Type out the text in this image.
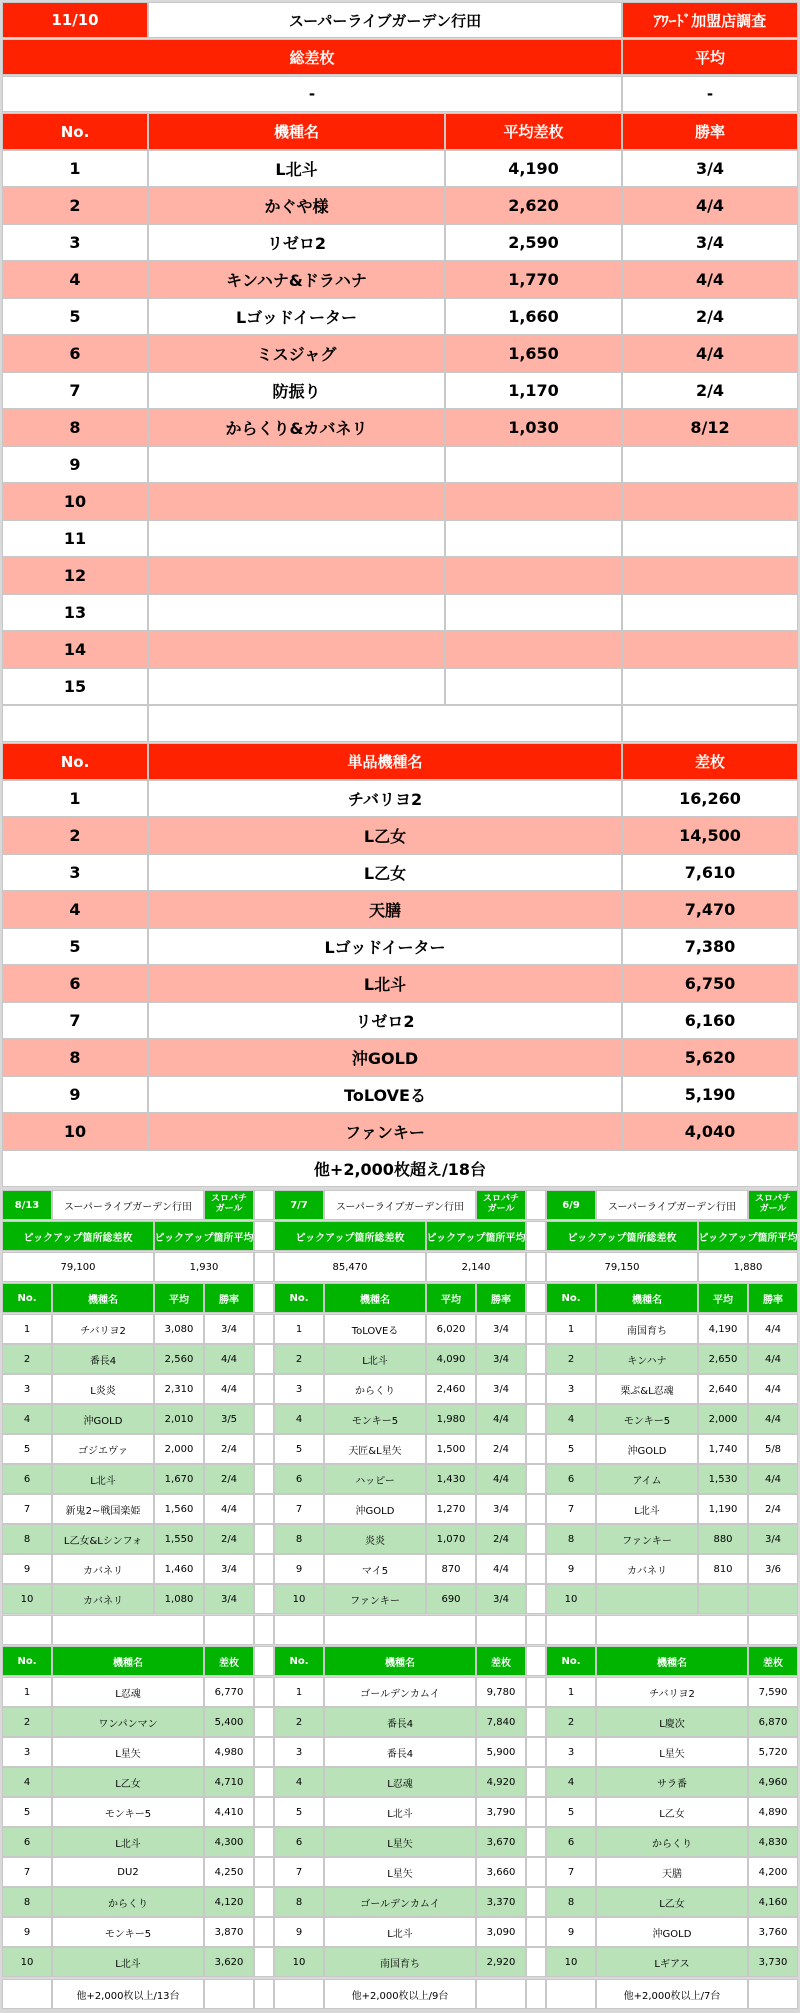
11/10	スーパーライブガーデン行田	ｱﾜｰﾄﾞ加盟店調査
総差枚	平均
-	-
No.	機種名	平均差枚	勝率
1	L北斗	4,190	3/4
2	かぐや様	2,620	4/4
3	リゼロ2	2,590	3/4
4	キンハナ&ドラハナ	1,770	4/4
5	Lゴッドイーター	1,660	2/4
6	ミスジャグ	1,650	4/4
7	防振り	1,170	2/4
8	からくり&カバネリ	1,030	8/12
9
10
11
12
13
14
15
No.	単品機種名	差枚
1	チバリヨ2	16,260
2	L乙女	14,500
3	L乙女	7,610
4	天膳	7,470
5	Lゴッドイーター	7,380
6	L北斗	6,750
7	リゼロ2	6,160
8	沖GOLD	5,620
9	ToLOVEる	5,190
10	ファンキー	4,040
他+2,000枚超え/18台
8/13	スーパーライブガーデン行田
スロパチ
ガール
ピックアップ箇所総差枚	ピックアップ箇所平均
79,100	1,930
No.	機種名	平均	勝率
1	チバリヨ2	3,080	3/4
2	番長4	2,560	4/4
3	L炎炎	2,310	4/4
4	沖GOLD	2,010	3/5
5	ゴジエヴァ	2,000	2/4
6	L北斗	1,670	2/4
7	新鬼2~戦国楽姫	1,560	4/4
8	L乙女&Lシンフォ	1,550	2/4
9	カバネリ	1,460	3/4
10	カバネリ	1,080	3/4
No.	機種名	差枚
1	L忍魂	6,770
2	ワンパンマン	5,400
3	L星矢	4,980
4	L乙女	4,710
5	モンキー5	4,410
6	L北斗	4,300
7	DU2	4,250
8	からくり	4,120
9	モンキー5	3,870
10	L北斗	3,620
他+2,000枚以上/13台
7/7	スーパーライブガーデン行田
スロパチ
ガール
ピックアップ箇所総差枚	ピックアップ箇所平均
85,470	2,140
No.	機種名	平均	勝率
1	ToLOVEる	6,020	3/4
2	L北斗	4,090	3/4
3	からくり	2,460	3/4
4	モンキー5	1,980	4/4
5	天匠&L星矢	1,500	2/4
6	ハッピー	1,430	4/4
7	沖GOLD	1,270	3/4
8	炎炎	1,070	2/4
9	マイ5	870	4/4
10	ファンキー	690	3/4
No.	機種名	差枚
1	ゴールデンカムイ	9,780
2	番長4	7,840
3	番長4	5,900
4	L忍魂	4,920
5	L北斗	3,790
6	L星矢	3,670
7	L星矢	3,660
8	ゴールデンカムイ	3,370
9	L北斗	3,090
10	南国育ち	2,920
他+2,000枚以上/9台
6/9	スーパーライブガーデン行田
スロパチ
ガール
ピックアップ箇所総差枚	ピックアップ箇所平均
79,150	1,880
No.	機種名	平均	勝率
1	南国育ち	4,190	4/4
2	キンハナ	2,650	4/4
3	栗ぶ&L忍魂	2,640	4/4
4	モンキー5	2,000	4/4
5	沖GOLD	1,740	5/8
6	アイム	1,530	4/4
7	L北斗	1,190	2/4
8	ファンキー	880	3/4
9	カバネリ	810	3/6
10
No.	機種名	差枚
1	チバリヨ2	7,590
2	L慶次	6,870
3	L星矢	5,720
4	サラ番	4,960
5	L乙女	4,890
6	からくり	4,830
7	天膳	4,200
8	L乙女	4,160
9	沖GOLD	3,760
10	Lギアス	3,730
他+2,000枚以上/7台
